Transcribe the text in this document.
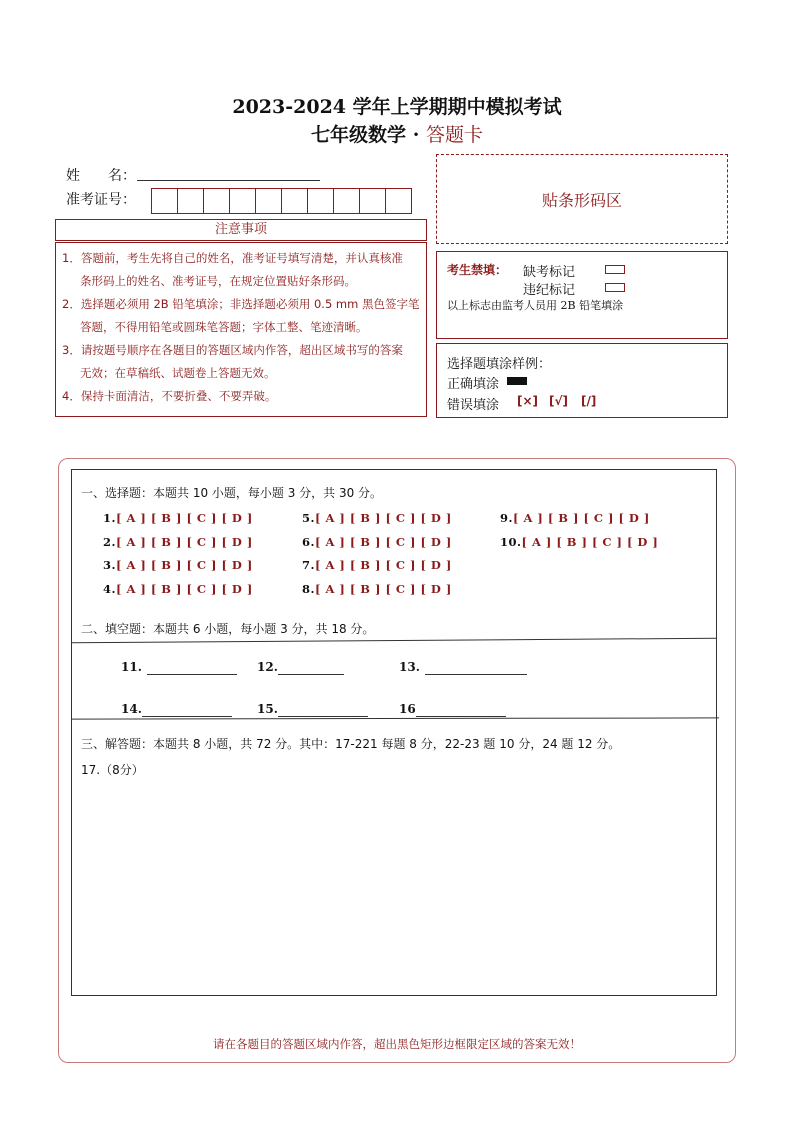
2023-2024 学年上学期期中模拟考试
七年级数学 · 答题卡
姓　　名：
准考证号：	贴条形码区
注意事项

1．答题前，考生先将自己的姓名，准考证号填写清楚，并认真核准

条形码上的姓名、准考证号，在规定位置贴好条形码。

2．选择题必须用 2B 铅笔填涂；非选择题必须用 0.5 mm 黑色签字笔

答题，不得用铅笔或圆珠笔答题；字体工整、笔迹清晰。

3．请按题号顺序在各题目的答题区域内作答，超出区域书写的答案

无效；在草稿纸、试题卷上答题无效。

4．保持卡面清洁，不要折叠、不要弄破。

考生禁填： 缺考标记
违纪标记
以上标志由监考人员用 2B 铅笔填涂
选择题填涂样例：
正确填涂
错误填涂 [×] [√] [/]
一、选择题：本题共 10 小题，每小题 3 分，共 30 分。
1.[ A ] [ B ] [ C ] [ D ]
2.[ A ] [ B ] [ C ] [ D ]
3.[ A ] [ B ] [ C ] [ D ]
4.[ A ] [ B ] [ C ] [ D ]
5.[ A ] [ B ] [ C ] [ D ]
6.[ A ] [ B ] [ C ] [ D ]
7.[ A ] [ B ] [ C ] [ D ]
8.[ A ] [ B ] [ C ] [ D ]
9.[ A ] [ B ] [ C ] [ D ]
10.[ A ] [ B ] [ C ] [ D ]
二、填空题：本题共 6 小题，每小题 3 分，共 18 分。
11.	12.	13.
14.	15.	16
三、解答题：本题共 8 小题，共 72 分。其中：17-221 每题 8 分，22-23 题 10 分，24 题 12 分。
17.（8分）
请在各题目的答题区域内作答，超出黑色矩形边框限定区域的答案无效！
